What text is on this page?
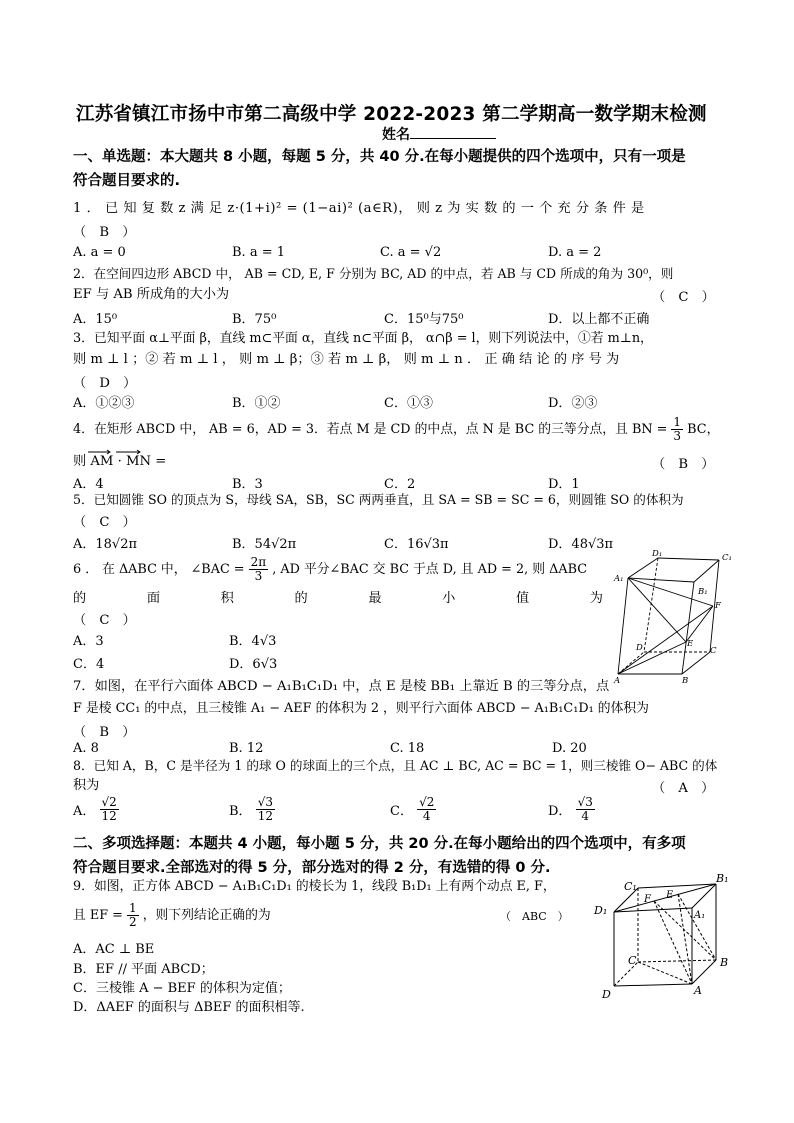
江苏省镇江市扬中市第二高级中学 2022-2023 第二学期高一数学期末检测
姓名
一、单选题：本大题共 8 小题，每题 5 分，共 40 分.在每小题提供的四个选项中，只有一项是
符合题目要求的.
1 ． 已 知 复 数 z 满 足 z·(1+i)² = (1−ai)² (a∈R)， 则 z 为 实 数 的 一 个 充 分 条 件 是
（　B　）
A. a = 0	B. a = 1	C. a = √2	D. a = 2
2．在空间四边形 ABCD 中， AB = CD, E, F 分别为 BC, AD 的中点，若 AB 与 CD 所成的角为 30⁰，则
EF 与 AB 所成角的大小为	（　C　）
A．15⁰	B．75⁰	C．15⁰与75⁰	D．以上都不正确
3．已知平面 α⊥平面 β，直线 m⊂平面 α，直线 n⊂平面 β， α∩β = l，则下列说法中，①若 m⊥n，
则 m ⊥ l ；② 若 m ⊥ l ， 则 m ⊥ β；③ 若 m ⊥ β， 则 m ⊥ n ． 正 确 结 论 的 序 号 为
（　D　）
A．①②③	B．①②	C．①③	D．②③
4．在矩形 ABCD 中， AB = 6，AD = 3．若点 M 是 CD 的中点，点 N 是 BC 的三等分点，且 BN = $\frac{1}{3}$ BC，
则 AM · MN =	（　B　）
A．4	B．3	C．2	D．1
5．已知圆锥 SO 的顶点为 S，母线 SA，SB，SC 两两垂直，且 SA = SB = SC = 6，则圆锥 SO 的体积为
（　C　）
A．18√2π	B．54√2π	C．16√3π	D．48√3π
6 ． 在 ΔABC 中， ∠BAC = $\frac{2\pi}{3}$ , AD 平分∠BAC 交 BC 于点 D, 且 AD = 2, 则 ΔABC
的	面	积	的	最	小	值	为
（　C　）
A．3	B．4√3
C．4	D．6√3
D₁	C₁
A₁
B₁
F
D	E
C
A	B
7．如图，在平行六面体 ABCD − A₁B₁C₁D₁ 中，点 E 是棱 BB₁ 上靠近 B 的三等分点，点
F 是棱 CC₁ 的中点，且三棱锥 A₁ − AEF 的体积为 2 ，则平行六面体 ABCD − A₁B₁C₁D₁ 的体积为
（　B　）
A. 8	B. 12	C. 18	D. 20
8．已知 A，B，C 是半径为 1 的球 O 的球面上的三个点，且 AC ⊥ BC, AC = BC = 1，则三棱锥 O− ABC 的体
积为	（　A　）
A． $\frac{√2}{12}$	B． $\frac{√3}{12}$	C． $\frac{√2}{4}$	D． $\frac{√3}{4}$
二、多项选择题：本题共 4 小题，每小题 5 分，共 20 分.在每小题给出的四个选项中，有多项
符合题目要求.全部选对的得 5 分，部分选对的得 2 分，有选错的得 0 分.
9．如图，正方体 ABCD − A₁B₁C₁D₁ 的棱长为 1，线段 B₁D₁ 上有两个动点 E, F，
且 EF = $\frac{1}{2}$ ，则下列结论正确的为	（　ABC　）
A．AC ⊥ BE
B．EF // 平面 ABCD；
C．三棱锥 A − BEF 的体积为定值；
D．ΔAEF 的面积与 ΔBEF 的面积相等.
C₁
F E
B₁
D₁	A₁
C	B
D	A
